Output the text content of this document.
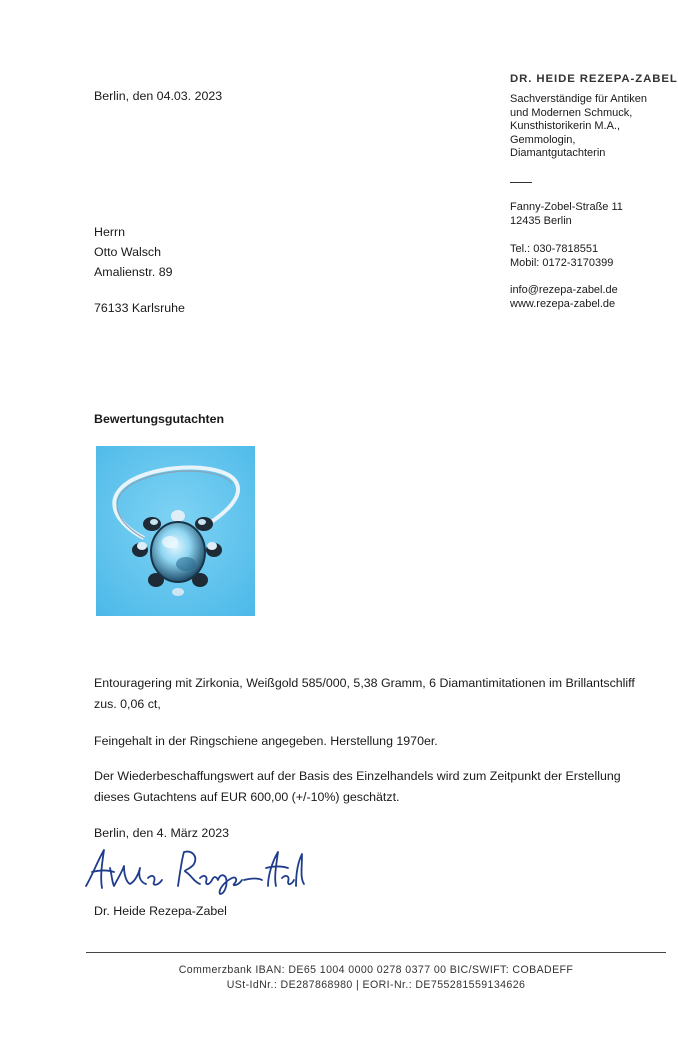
Berlin, den 04.03. 2023
DR. HEIDE REZEPA-ZABEL
Sachverständige für Antiken
und Modernen Schmuck,
Kunsthistorikerin M.A.,
Gemmologin,
Diamantgutachterin
Fanny-Zobel-Straße 11
12435 Berlin
Tel.: 030-7818551
Mobil: 0172-3170399
info@rezepa-zabel.de
www.rezepa-zabel.de
Herrn
Otto Walsch
Amalienstr. 89
76133 Karlsruhe
Bewertungsgutachten
Entouragering mit Zirkonia, Weißgold 585/000, 5,38 Gramm, 6 Diamantimitationen im Brillantschliff
zus. 0,06 ct,
Feingehalt in der Ringschiene angegeben. Herstellung 1970er.
Der Wiederbeschaffungswert auf der Basis des Einzelhandels wird zum Zeitpunkt der Erstellung
dieses Gutachtens auf EUR 600,00 (+/-10%) geschätzt.
Berlin, den 4. März 2023
Dr. Heide Rezepa-Zabel
Commerzbank IBAN: DE65 1004 0000 0278 0377 00 BIC/SWIFT: COBADEFF
USt-IdNr.: DE287868980 | EORI-Nr.: DE755281559134626
